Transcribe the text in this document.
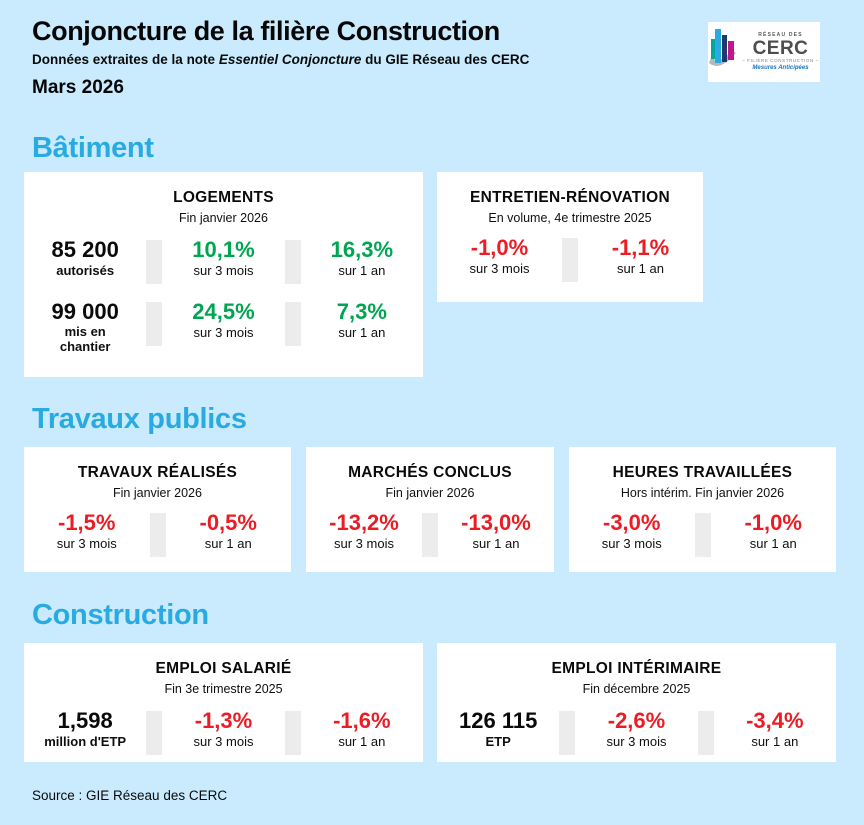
Conjoncture de la filière Construction
Données extraites de la note Essentiel Conjoncture du GIE Réseau des CERC
Mars 2026
RÉSEAU DES
CERC
– FILIÈRE CONSTRUCTION –
Mesures Anticipées
Bâtiment
LOGEMENTS
Fin janvier 2026
85 200
autorisés
10,1%
sur 3 mois
16,3%
sur 1 an
99 000
mis en chantier
24,5%
sur 3 mois
7,3%
sur 1 an
ENTRETIEN-RÉNOVATION
En volume, 4e trimestre 2025
-1,0%
sur 3 mois
-1,1%
sur 1 an
Travaux publics
TRAVAUX RÉALISÉS
Fin janvier 2026
-1,5%
sur 3 mois
-0,5%
sur 1 an
MARCHÉS CONCLUS
Fin janvier 2026
-13,2%
sur 3 mois
-13,0%
sur 1 an
HEURES TRAVAILLÉES
Hors intérim. Fin janvier 2026
-3,0%
sur 3 mois
-1,0%
sur 1 an
Construction
EMPLOI SALARIÉ
Fin 3e trimestre 2025
1,598
million d'ETP
-1,3%
sur 3 mois
-1,6%
sur 1 an
EMPLOI INTÉRIMAIRE
Fin décembre 2025
126 115
ETP
-2,6%
sur 3 mois
-3,4%
sur 1 an
Source : GIE Réseau des CERC
